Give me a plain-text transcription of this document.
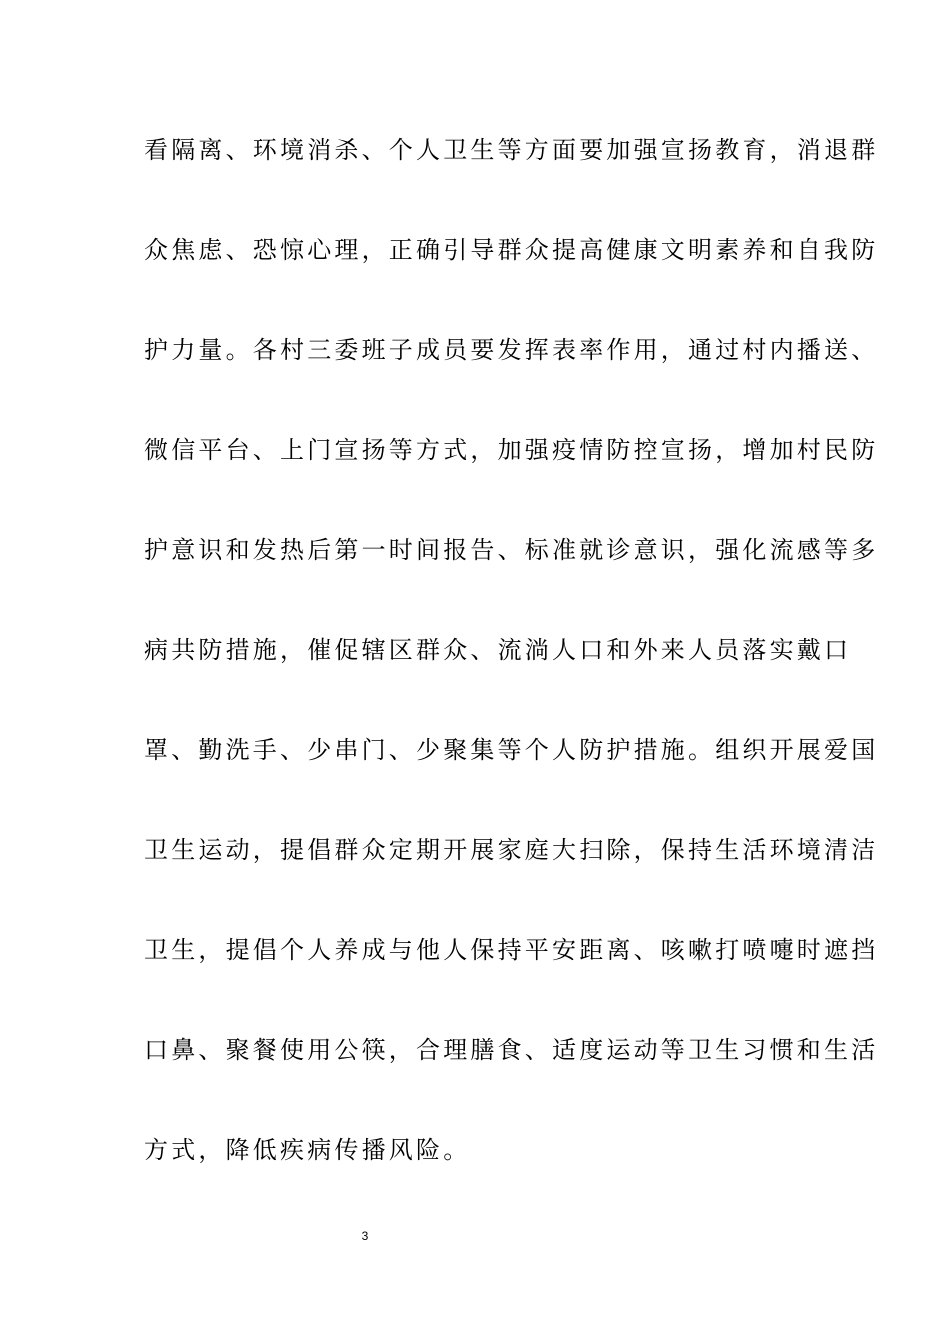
看隔离、环境消杀、个人卫生等方面要加强宣扬教育，消退群
众焦虑、恐惊心理，正确引导群众提高健康文明素养和自我防
护力量。各村三委班子成员要发挥表率作用，通过村内播送、
微信平台、上门宣扬等方式，加强疫情防控宣扬，增加村民防
护意识和发热后第一时间报告、标准就诊意识，强化流感等多
病共防措施，催促辖区群众、流淌人口和外来人员落实戴口
罩、勤洗手、少串门、少聚集等个人防护措施。组织开展爱国
卫生运动，提倡群众定期开展家庭大扫除，保持生活环境清洁
卫生，提倡个人养成与他人保持平安距离、咳嗽打喷嚏时遮挡
口鼻、聚餐使用公筷，合理膳食、适度运动等卫生习惯和生活
方式，降低疾病传播风险。
3
